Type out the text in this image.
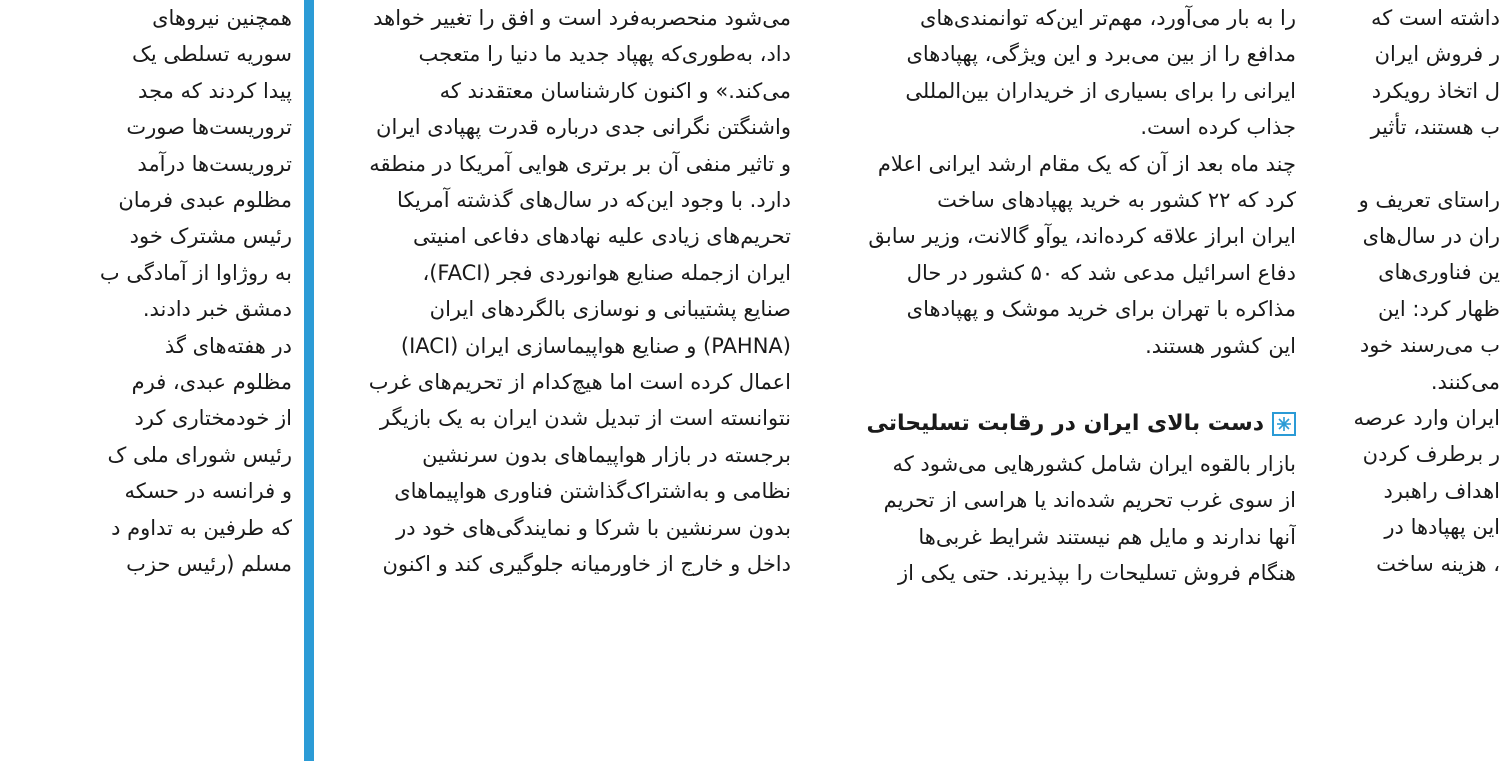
همچنین نیروهای
سوریه تسلطی یک
پیدا کردند که مجد
تروریست‌ها صورت
تروریست‌ها درآمد
مظلوم عبدی فرمان
رئیس مشترک خود
به روژاوا از آمادگی ب
دمشق خبر دادند.
در هفته‌های گذ
مظلوم عبدی، فرم
از خودمختاری کرد
رئیس شورای ملی ک
و فرانسه در حسکه
که طرفین به تداوم د
مسلم (رئیس حزب
می‌شود منحصربه‌فرد است و افق را تغییر خواهد
داد، به‌طوری‌که پهپاد جدید ما دنیا را متعجب
می‌کند.» و اکنون کارشناسان معتقدند که
واشنگتن نگرانی جدی درباره قدرت پهپادی ایران
و تاثیر منفی آن بر برتری هوایی آمریکا در منطقه
دارد. با وجود این‌که در سال‌های گذشته آمریکا
تحریم‌های زیادی علیه نهادهای دفاعی امنیتی
ایران ازجمله صنایع هوانوردی فجر (FACI)،
صنایع پشتیبانی و نوسازی بالگردهای ایران
(PAHNA) و صنایع هواپیماسازی ایران (IACI)
اعمال کرده است اما هیچ‌کدام از تحریم‌های غرب
نتوانسته است از تبدیل شدن ایران به یک بازیگر
برجسته در بازار هواپیماهای بدون سرنشین
نظامی و به‌اشتراک‌گذاشتن فناوری هواپیماهای
بدون سرنشین با شرکا و نمایندگی‌های خود در
داخل و خارج از خاورمیانه جلوگیری کند و اکنون
را به بار می‌آورد، مهم‌تر این‌که توانمندی‌های
مدافع را از بین می‌برد و این ویژگی، پهپادهای
ایرانی را برای بسیاری از خریداران بین‌المللی
جذاب کرده است.
چند ماه بعد از آن که یک مقام ارشد ایرانی اعلام
کرد که ۲۲ کشور به خرید پهپادهای ساخت
ایران ابراز علاقه کرده‌اند، یوآو گالانت، وزیر سابق
دفاع اسرائیل مدعی شد که ۵۰ کشور در حال
مذاکره با تهران برای خرید موشک و پهپادهای
این کشور هستند.
دست بالای ایران در رقابت تسلیحاتی
بازار بالقوه ایران شامل کشورهایی می‌شود که
از سوی غرب تحریم شده‌اند یا هراسی از تحریم
آنها ندارند و مایل هم نیستند شرایط غربی‌ها
هنگام فروش تسلیحات را بپذیرند. حتی یکی از
داشته است که
ر فروش ایران
ل اتخاذ رویکرد
ب هستند، تأثیر
راستای تعریف و
ران در سال‌های
ین فناوری‌های
ظهار کرد: این
ب می‌رسند خود
می‌کنند.
ایران وارد عرصه
ر برطرف کردن
اهداف راهبرد
این پهپادها در
، هزینه ساخت
